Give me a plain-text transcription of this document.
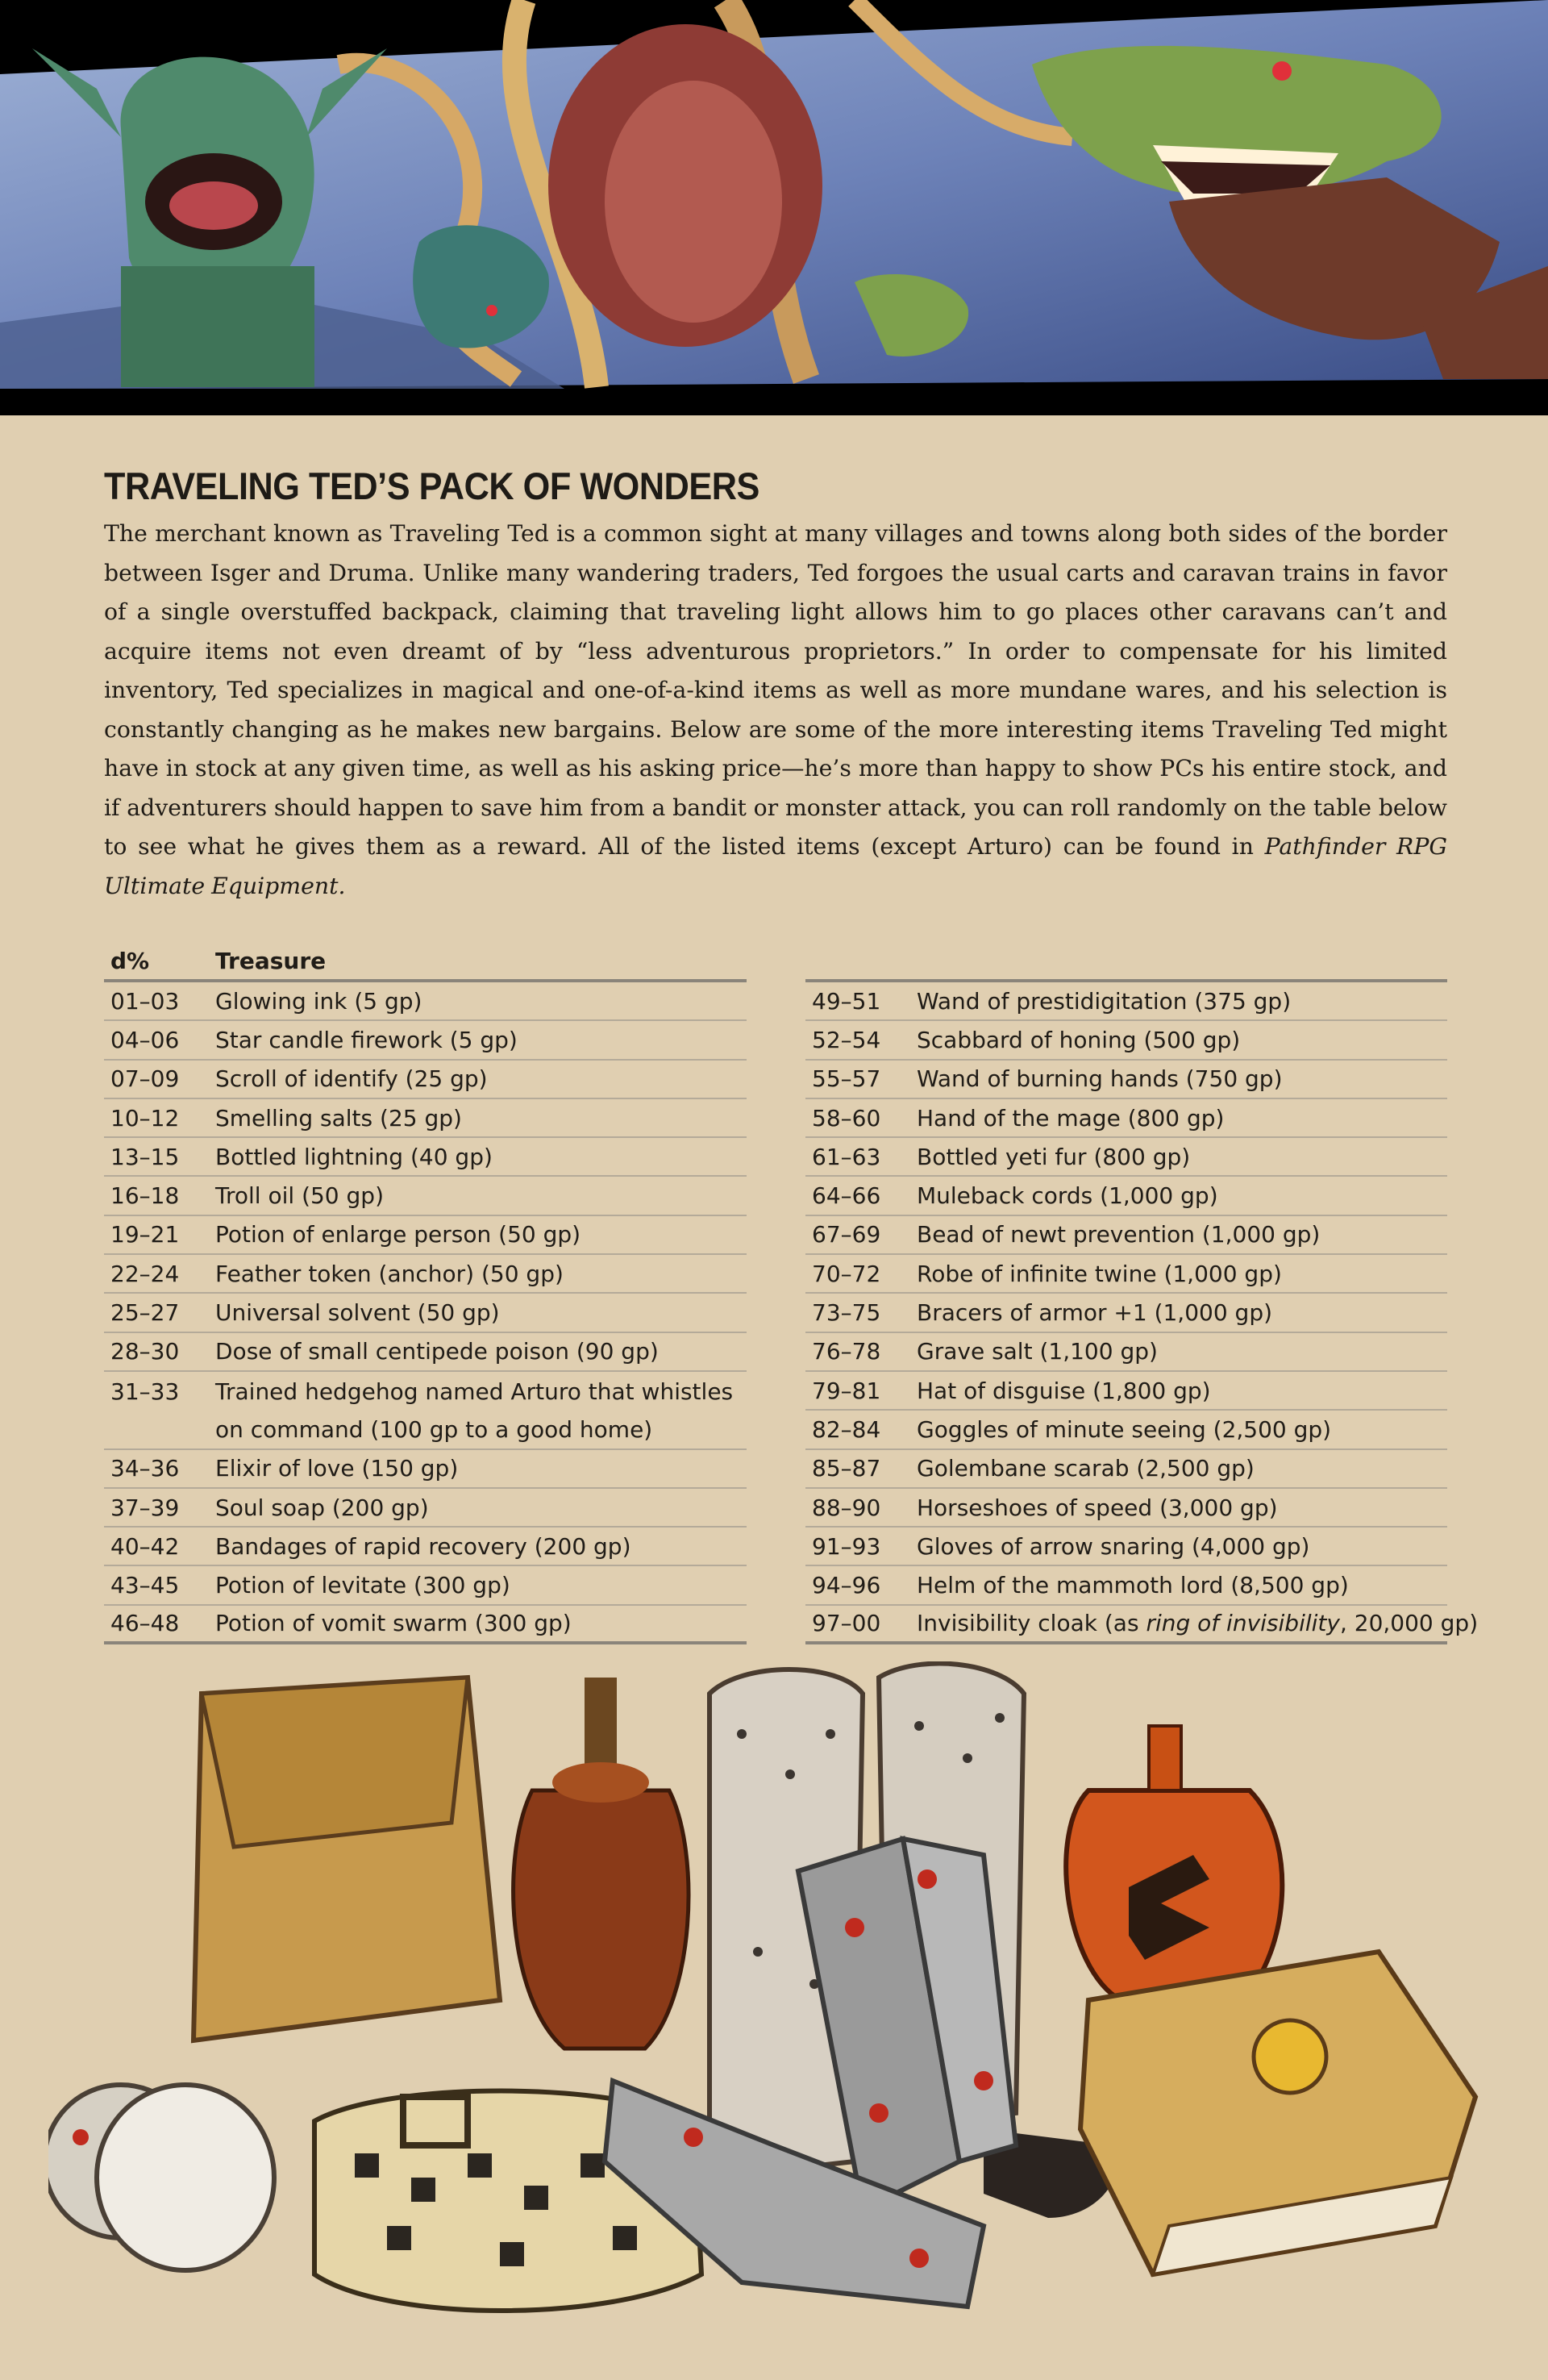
TRAVELING TED’S PACK OF WONDERS

The merchant known as Traveling Ted is a common sight at many villages and towns along both sides of the border between Isger and Druma. Unlike many wandering traders, Ted forgoes the usual carts and caravan trains in favor of a single overstuffed backpack, claiming that traveling light allows him to go places other caravans can’t and acquire items not even dreamt of by “less adventurous proprietors.” In order to compensate for his limited inventory, Ted specializes in magical and one-of-a-kind items as well as more mundane wares, and his selection is constantly changing as he makes new bargains. Below are some of the more interesting items Traveling Ted might have in stock at any given time, as well as his asking price—he’s more than happy to show PCs his entire stock, and if adventurers should happen to save him from a bandit or monster attack, you can roll randomly on the table below to see what he gives them as a reward. All of the listed items (except Arturo) can be found in Pathfinder RPG Ultimate Equipment.

d%	Treasure
01–03	Glowing ink (5 gp)
04–06	Star candle firework (5 gp)
07–09	Scroll of identify (25 gp)
10–12	Smelling salts (25 gp)
13–15	Bottled lightning (40 gp)
16–18	Troll oil (50 gp)
19–21	Potion of enlarge person (50 gp)
22–24	Feather token (anchor) (50 gp)
25–27	Universal solvent (50 gp)
28–30	Dose of small centipede poison (90 gp)
31–33	Trained hedgehog named Arturo that whistles
on command (100 gp to a good home)
34–36	Elixir of love (150 gp)
37–39	Soul soap (200 gp)
40–42	Bandages of rapid recovery (200 gp)
43–45	Potion of levitate (300 gp)
46–48	Potion of vomit swarm (300 gp)
49–51	Wand of prestidigitation (375 gp)
52–54	Scabbard of honing (500 gp)
55–57	Wand of burning hands (750 gp)
58–60	Hand of the mage (800 gp)
61–63	Bottled yeti fur (800 gp)
64–66	Muleback cords (1,000 gp)
67–69	Bead of newt prevention (1,000 gp)
70–72	Robe of infinite twine (1,000 gp)
73–75	Bracers of armor +1 (1,000 gp)
76–78	Grave salt (1,100 gp)
79–81	Hat of disguise (1,800 gp)
82–84	Goggles of minute seeing (2,500 gp)
85–87	Golembane scarab (2,500 gp)
88–90	Horseshoes of speed (3,000 gp)
91–93	Gloves of arrow snaring (4,000 gp)
94–96	Helm of the mammoth lord (8,500 gp)
97–00	Invisibility cloak (as ring of invisibility, 20,000 gp)
